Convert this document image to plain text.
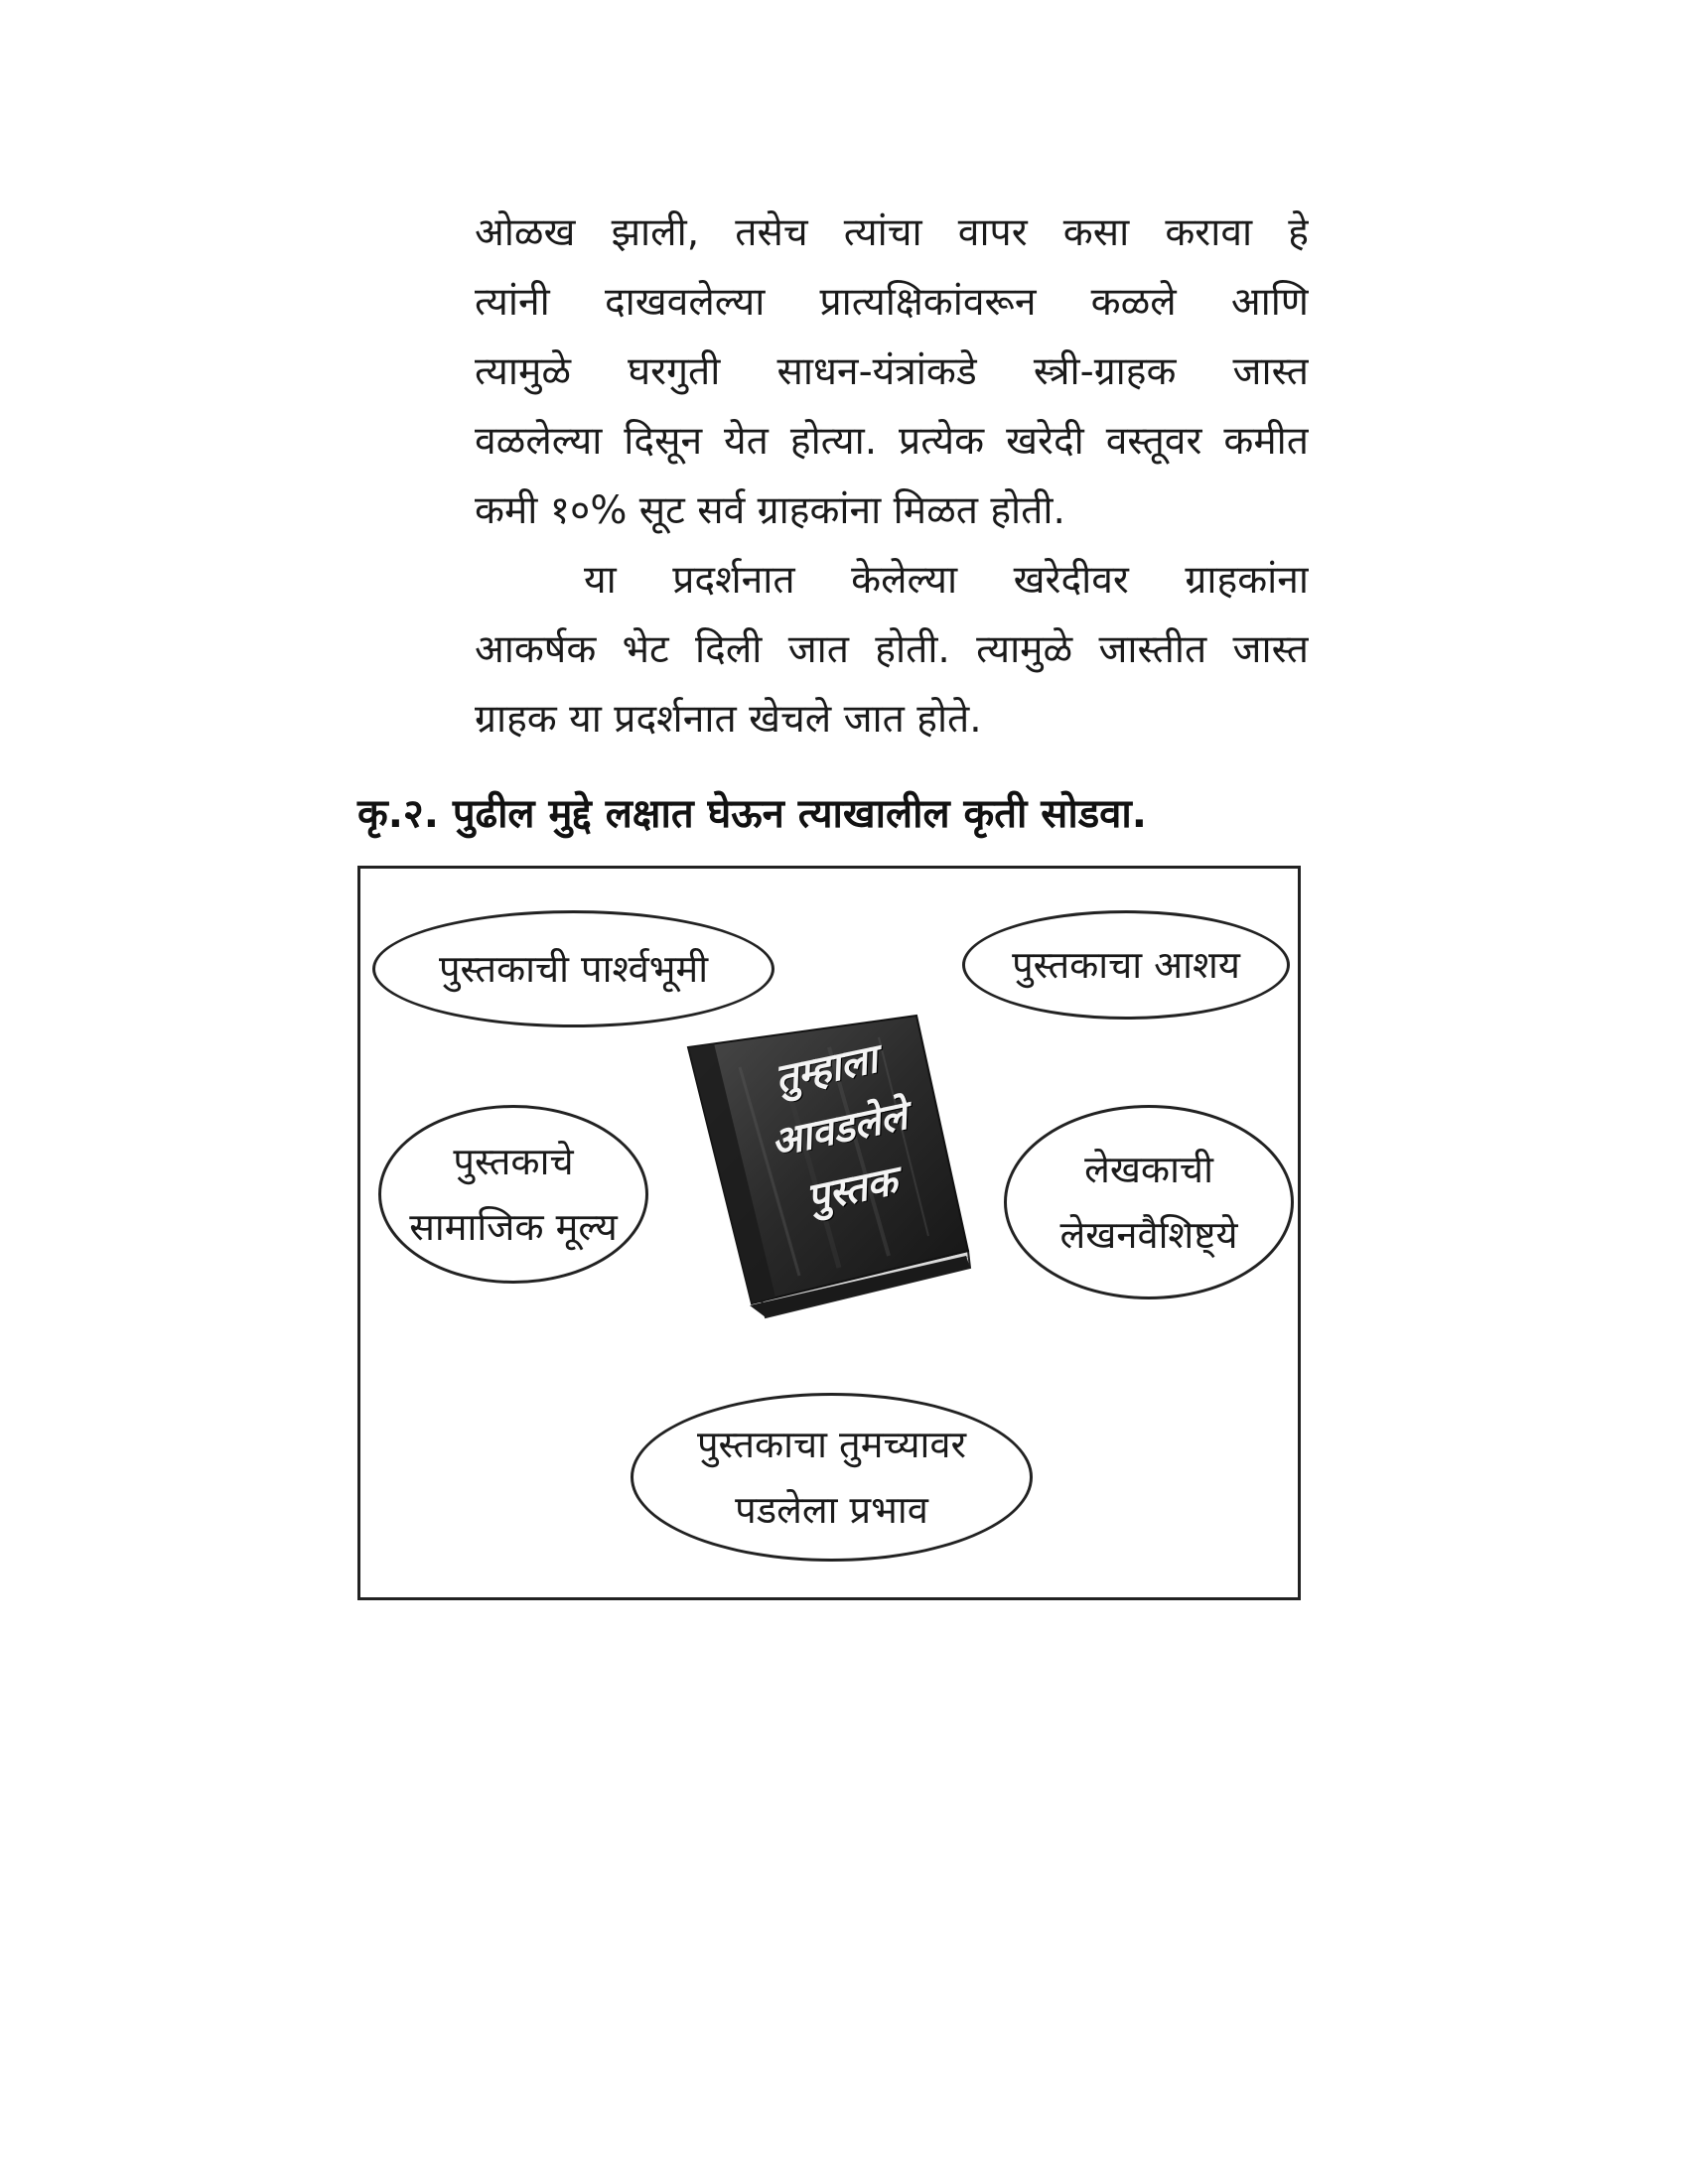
ओळख झाली, तसेच त्यांचा वापर कसा करावा हे
त्यांनी दाखवलेल्या प्रात्यक्षिकांवरून कळले आणि
त्यामुळे घरगुती साधन-यंत्रांकडे स्त्री-ग्राहक जास्त
वळलेल्या दिसून येत होत्या. प्रत्येक खरेदी वस्तूवर कमीत
कमी १०% सूट सर्व ग्राहकांना मिळत होती.
या प्रदर्शनात केलेल्या खरेदीवर ग्राहकांना
आकर्षक भेट दिली जात होती. त्यामुळे जास्तीत जास्त
ग्राहक या प्रदर्शनात खेचले जात होते.
कृ.२. पुढील मुद्दे लक्षात घेऊन त्याखालील कृती सोडवा.
पुस्तकाची पार्श्वभूमी	पुस्तकाचा आशय
पुस्तकाचे
सामाजिक मूल्य
लेखकाची
लेखनवैशिष्ट्ये
पुस्तकाचा तुमच्यावर
पडलेला प्रभाव
तुम्हाला
आवडलेले
पुस्तक
